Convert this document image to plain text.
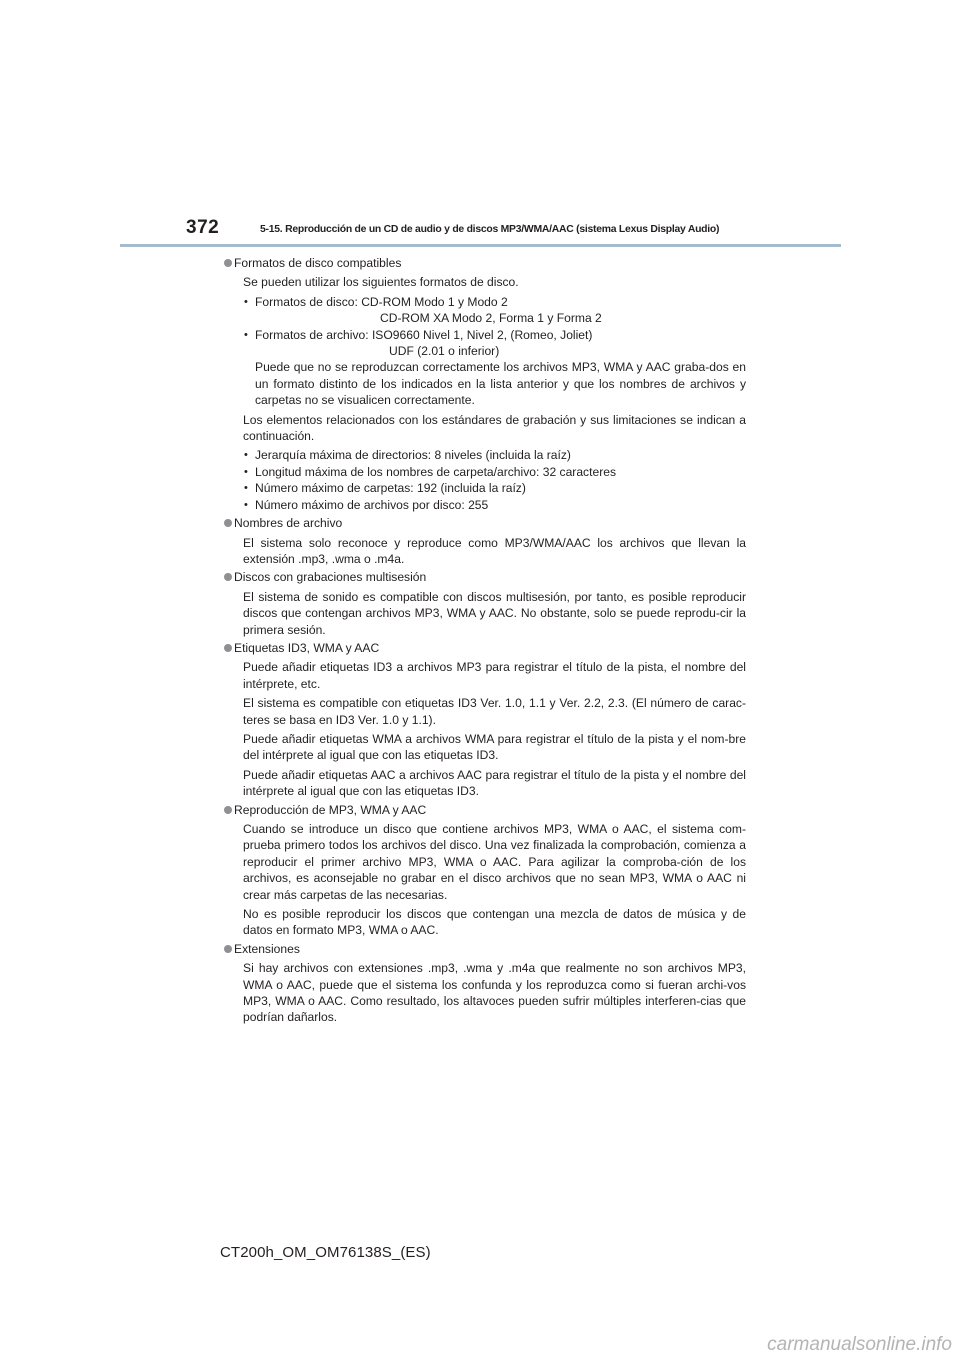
372	5-15. Reproducción de un CD de audio y de discos MP3/WMA/AAC (sistema Lexus Display Audio)
Formatos de disco compatibles

Se pueden utilizar los siguientes formatos de disco.

• Formatos de disco: CD-ROM Modo 1 y Modo 2
CD-ROM XA Modo 2, Forma 1 y Forma 2
• Formatos de archivo: ISO9660 Nivel 1, Nivel 2, (Romeo, Joliet)
UDF (2.01 o inferior)

Puede que no se reproduzcan correctamente los archivos MP3, WMA y AAC graba-dos en un formato distinto de los indicados en la lista anterior y que los nombres de archivos y carpetas no se visualicen correctamente.

Los elementos relacionados con los estándares de grabación y sus limitaciones se indican a continuación.

• Jerarquía máxima de directorios: 8 niveles (incluida la raíz)
• Longitud máxima de los nombres de carpeta/archivo: 32 caracteres
• Número máximo de carpetas: 192 (incluida la raíz)
• Número máximo de archivos por disco: 255
Nombres de archivo

El sistema solo reconoce y reproduce como MP3/WMA/AAC los archivos que llevan la extensión .mp3, .wma o .m4a.

Discos con grabaciones multisesión

El sistema de sonido es compatible con discos multisesión, por tanto, es posible reproducir discos que contengan archivos MP3, WMA y AAC. No obstante, solo se puede reprodu-cir la primera sesión.

Etiquetas ID3, WMA y AAC

Puede añadir etiquetas ID3 a archivos MP3 para registrar el título de la pista, el nombre del intérprete, etc.

El sistema es compatible con etiquetas ID3 Ver. 1.0, 1.1 y Ver. 2.2, 2.3. (El número de carac-teres se basa en ID3 Ver. 1.0 y 1.1).

Puede añadir etiquetas WMA a archivos WMA para registrar el título de la pista y el nom-bre del intérprete al igual que con las etiquetas ID3.

Puede añadir etiquetas AAC a archivos AAC para registrar el título de la pista y el nombre del intérprete al igual que con las etiquetas ID3.

Reproducción de MP3, WMA y AAC

Cuando se introduce un disco que contiene archivos MP3, WMA o AAC, el sistema com-prueba primero todos los archivos del disco. Una vez finalizada la comprobación, comienza a reproducir el primer archivo MP3, WMA o AAC. Para agilizar la comproba-ción de los archivos, es aconsejable no grabar en el disco archivos que no sean MP3, WMA o AAC ni crear más carpetas de las necesarias.

No es posible reproducir los discos que contengan una mezcla de datos de música y de datos en formato MP3, WMA o AAC.

Extensiones

Si hay archivos con extensiones .mp3, .wma y .m4a que realmente no son archivos MP3, WMA o AAC, puede que el sistema los confunda y los reproduzca como si fueran archi-vos MP3, WMA o AAC. Como resultado, los altavoces pueden sufrir múltiples interferen-cias que podrían dañarlos.

CT200h_OM_OM76138S_(ES)
carmanualsonline.info
